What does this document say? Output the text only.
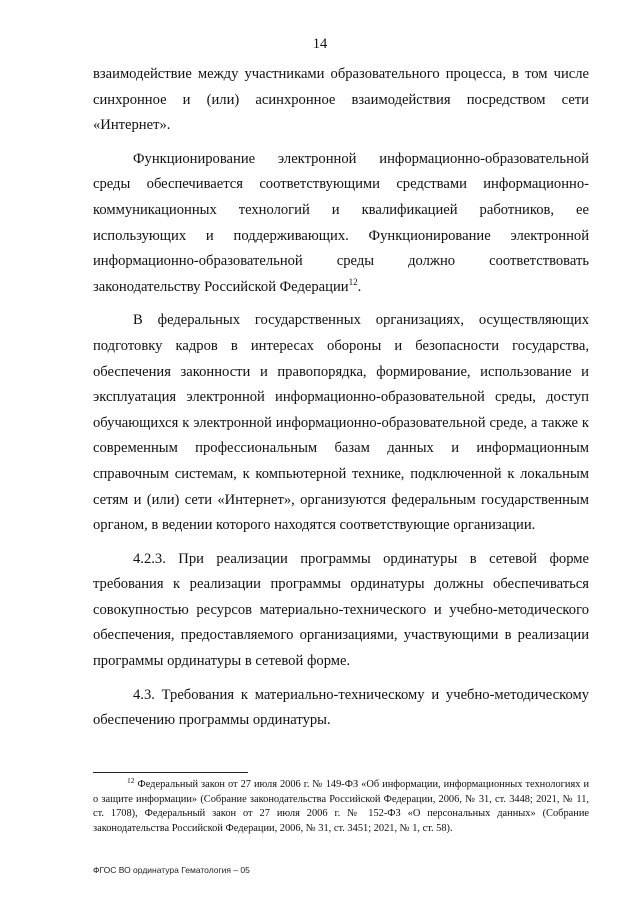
14

взаимодействие между участниками образовательного процесса, в том числе синхронное и (или) асинхронное взаимодействия посредством сети «Интернет».

Функционирование электронной информационно-образовательной среды обеспечивается соответствующими средствами информационно-коммуникационных технологий и квалификацией работников, ее использующих и поддерживающих. Функционирование электронной информационно-образовательной среды должно соответствовать законодательству Российской Федерации$^{12}$.

В федеральных государственных организациях, осуществляющих подготовку кадров в интересах обороны и безопасности государства, обеспечения законности и правопорядка, формирование, использование и эксплуатация электронной информационно-образовательной среды, доступ обучающихся к электронной информационно-образовательной среде, а также к современным профессиональным базам данных и информационным справочным системам, к компьютерной технике, подключенной к локальным сетям и (или) сети «Интернет», организуются федеральным государственным органом, в ведении которого находятся соответствующие организации.

4.2.3. При реализации программы ординатуры в сетевой форме требования к реализации программы ординатуры должны обеспечиваться совокупностью ресурсов материально-технического и учебно-методического обеспечения, предоставляемого организациями, участвующими в реализации программы ординатуры в сетевой форме.

4.3. Требования к материально-техническому и учебно-методическому обеспечению программы ординатуры.

$^{12}$ Федеральный закон от 27 июля 2006 г. № 149-ФЗ «Об информации, информационных технологиях и о защите информации» (Собрание законодательства Российской Федерации, 2006, № 31, ст. 3448; 2021, № 11, ст. 1708), Федеральный закон от 27 июля 2006 г. № 152-ФЗ «О персональных данных» (Собрание законодательства Российской Федерации, 2006, № 31, ст. 3451; 2021, № 1, ст. 58).
ФГОС ВО ординатура Гематология – 05
